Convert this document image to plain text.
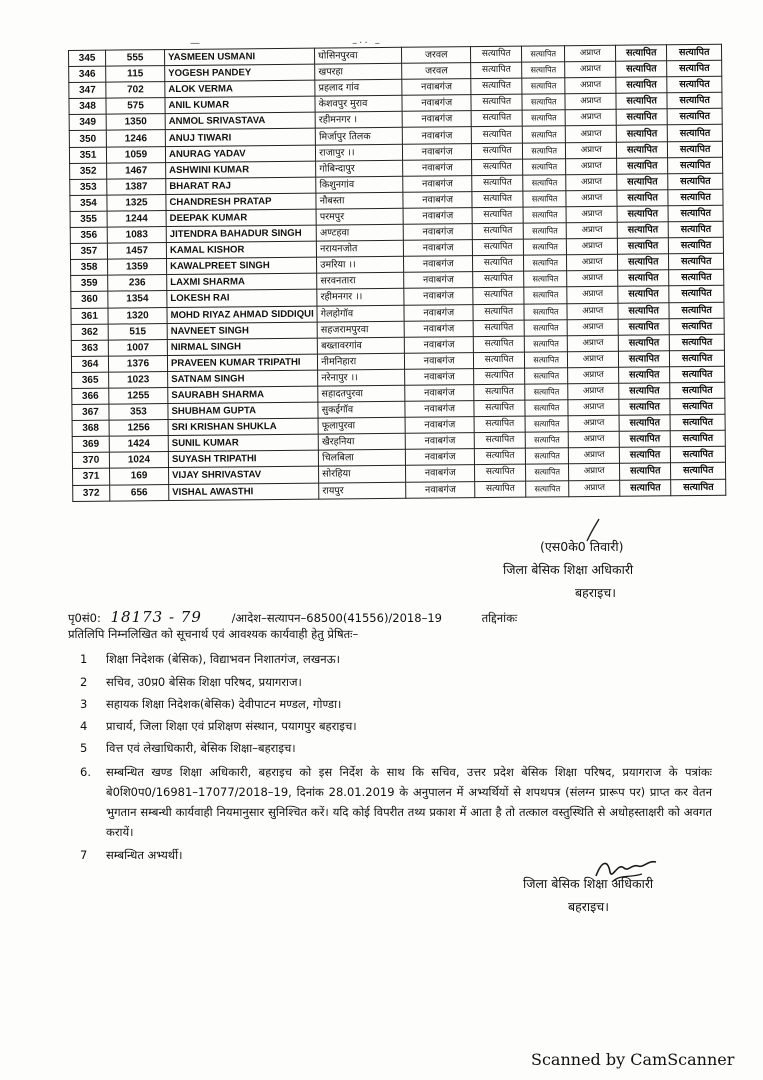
—                             –·· –
345	555	YASMEEN USMANI	घोसिनपुरवा	जरवल	सत्यापित	सत्यापित	अप्राप्त	सत्यापित	सत्यापित
346	115	YOGESH PANDEY	खपरहा	जरवल	सत्यापित	सत्यापित	अप्राप्त	सत्यापित	सत्यापित
347	702	ALOK VERMA	प्रहलाद गांव	नवाबगंज	सत्यापित	सत्यापित	अप्राप्त	सत्यापित	सत्यापित
348	575	ANIL KUMAR	केशवपुर मुराव	नवाबगंज	सत्यापित	सत्यापित	अप्राप्त	सत्यापित	सत्यापित
349	1350	ANMOL SRIVASTAVA	रहीमनगर ।	नवाबगंज	सत्यापित	सत्यापित	अप्राप्त	सत्यापित	सत्यापित
350	1246	ANUJ TIWARI	मिर्जापुर तिलक	नवाबगंज	सत्यापित	सत्यापित	अप्राप्त	सत्यापित	सत्यापित
351	1059	ANURAG YADAV	राजापुर ।।	नवाबगंज	सत्यापित	सत्यापित	अप्राप्त	सत्यापित	सत्यापित
352	1467	ASHWINI KUMAR	गोबिन्दापुर	नवाबगंज	सत्यापित	सत्यापित	अप्राप्त	सत्यापित	सत्यापित
353	1387	BHARAT RAJ	किशुनगांव	नवाबगंज	सत्यापित	सत्यापित	अप्राप्त	सत्यापित	सत्यापित
354	1325	CHANDRESH PRATAP	नौबस्ता	नवाबगंज	सत्यापित	सत्यापित	अप्राप्त	सत्यापित	सत्यापित
355	1244	DEEPAK KUMAR	परमपुर	नवाबगंज	सत्यापित	सत्यापित	अप्राप्त	सत्यापित	सत्यापित
356	1083	JITENDRA BAHADUR SINGH	अण्टहवा	नवाबगंज	सत्यापित	सत्यापित	अप्राप्त	सत्यापित	सत्यापित
357	1457	KAMAL KISHOR	नरायनजोत	नवाबगंज	सत्यापित	सत्यापित	अप्राप्त	सत्यापित	सत्यापित
358	1359	KAWALPREET SINGH	उमरिया ।।	नवाबगंज	सत्यापित	सत्यापित	अप्राप्त	सत्यापित	सत्यापित
359	236	LAXMI SHARMA	सरवनतारा	नवाबगंज	सत्यापित	सत्यापित	अप्राप्त	सत्यापित	सत्यापित
360	1354	LOKESH RAI	रहीमनगर ।।	नवाबगंज	सत्यापित	सत्यापित	अप्राप्त	सत्यापित	सत्यापित
361	1320	MOHD RIYAZ AHMAD SIDDIQUI	गेलहोगॉव	नवाबगंज	सत्यापित	सत्यापित	अप्राप्त	सत्यापित	सत्यापित
362	515	NAVNEET SINGH	सहजरामपुरवा	नवाबगंज	सत्यापित	सत्यापित	अप्राप्त	सत्यापित	सत्यापित
363	1007	NIRMAL SINGH	बख्तावरगांव	नवाबगंज	सत्यापित	सत्यापित	अप्राप्त	सत्यापित	सत्यापित
364	1376	PRAVEEN KUMAR TRIPATHI	नीमनिहारा	नवाबगंज	सत्यापित	सत्यापित	अप्राप्त	सत्यापित	सत्यापित
365	1023	SATNAM SINGH	नरेनापुर ।।	नवाबगंज	सत्यापित	सत्यापित	अप्राप्त	सत्यापित	सत्यापित
366	1255	SAURABH SHARMA	सहादतपुरवा	नवाबगंज	सत्यापित	सत्यापित	अप्राप्त	सत्यापित	सत्यापित
367	353	SHUBHAM GUPTA	सुकईगॉव	नवाबगंज	सत्यापित	सत्यापित	अप्राप्त	सत्यापित	सत्यापित
368	1256	SRI KRISHAN SHUKLA	फूलापुरवा	नवाबगंज	सत्यापित	सत्यापित	अप्राप्त	सत्यापित	सत्यापित
369	1424	SUNIL KUMAR	खैरहनिया	नवाबगंज	सत्यापित	सत्यापित	अप्राप्त	सत्यापित	सत्यापित
370	1024	SUYASH TRIPATHI	चिलबिला	नवाबगंज	सत्यापित	सत्यापित	अप्राप्त	सत्यापित	सत्यापित
371	169	VIJAY SHRIVASTAV	सोरहिया	नवाबगंज	सत्यापित	सत्यापित	अप्राप्त	सत्यापित	सत्यापित
372	656	VISHAL AWASTHI	रायपुर	नवाबगंज	सत्यापित	सत्यापित	अप्राप्त	सत्यापित	सत्यापित
(एस0के0 तिवारी)
जिला बेसिक शिक्षा अधिकारी
बहराइच।
पृ0सं0: 18173 - 79	/आदेश–सत्यापन–68500(41556)/2018–19	तद्दिनांकः
प्रतिलिपि निम्नलिखित को सूचनार्थ एवं आवश्यक कार्यवाही हेतु प्रेषितः–
1 शिक्षा निदेशक (बेसिक), विद्याभवन निशातगंज, लखनऊ।
2 सचिव, उ0प्र0 बेसिक शिक्षा परिषद, प्रयागराज।
3 सहायक शिक्षा निदेशक(बेसिक) देवीपाटन मण्डल, गोण्डा।
4 प्राचार्य, जिला शिक्षा एवं प्रशिक्षण संस्थान, पयागपुर बहराइच।
5 वित्त एवं लेखाधिकारी, बेसिक शिक्षा–बहराइच।
6. सम्बन्धित खण्ड शिक्षा अधिकारी, बहराइच को इस निर्देश के साथ कि सचिव, उत्तर प्रदेश बेसिक शिक्षा परिषद, प्रयागराज के पत्रांकः बे0शि0प0/16981–17077/2018–19, दिनांक 28.01.2019 के अनुपालन में अभ्यर्थियों से शपथपत्र (संलग्न प्रारूप पर) प्राप्त कर वेतन भुगतान सम्बन्धी कार्यवाही नियमानुसार सुनिश्चित करें। यदि कोई विपरीत तथ्य प्रकाश में आता है तो तत्काल वस्तुस्थिति से अधोहस्ताक्षरी को अवगत करायें।
7 सम्बन्धित अभ्यर्थी।
जिला बेसिक शिक्षा अधिकारी
बहराइच।
Scanned by CamScanner
